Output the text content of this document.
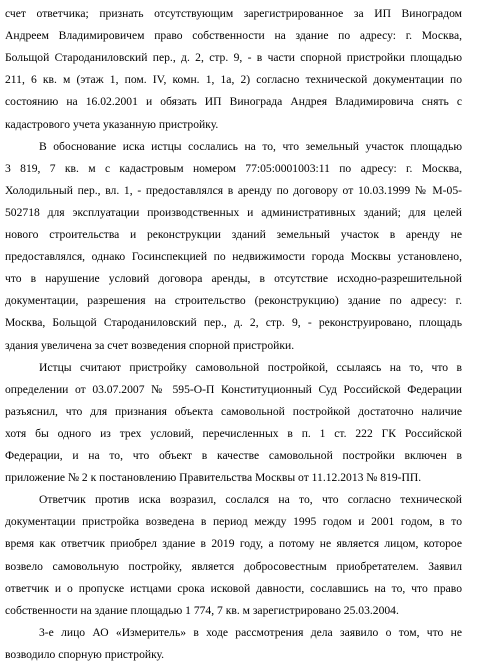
счет ответчика; признать отсутствующим зарегистрированное за ИП Виноградом
Андреем Владимировичем право собственности на здание по адресу: г. Москва,
Больщой Староданиловский пер., д. 2, стр. 9, - в части спорной пристройки площадью
211, 6 кв. м (этаж 1, пом. IV, комн. 1, 1а, 2) согласно технической документации по
состоянию на 16.02.2001 и обязать ИП Винограда Андрея Владимировича снять с
кадастрового учета указанную пристройку.
В обоснование иска истцы сослались на то, что земельный участок площадью
3 819, 7 кв. м с кадастровым номером 77:05:0001003:11 по адресу: г. Москва,
Холодильный пер., вл. 1, - предоставлялся в аренду по договору от 10.03.1999 № М-05-
502718 для эксплуатации производственных и административных зданий; для целей
нового строительства и реконструкции зданий земельный участок в аренду не
предоставлялся, однако Госинспекцией по недвижимости города Москвы установлено,
что в нарушение условий договора аренды, в отсутствие исходно-разрешительной
документации, разрешения на строительство (реконструкцию) здание по адресу: г.
Москва, Больщой Староданиловский пер., д. 2, стр. 9, - реконструировано, площадь
здания увеличена за счет возведения спорной пристройки.
Истцы считают пристройку самовольной постройкой, ссылаясь на то, что в
определении от 03.07.2007 № 595-О-П Конституционный Суд Российской Федерации
разъяснил, что для признания объекта самовольной постройкой достаточно наличие
хотя бы одного из трех условий, перечисленных в п. 1 ст. 222 ГК Российской
Федерации, и на то, что объект в качестве самовольной постройки включен в
приложение № 2 к постановлению Правительства Москвы от 11.12.2013 № 819-ПП.
Ответчик против иска возразил, сослался на то, что согласно технической
документации пристройка возведена в период между 1995 годом и 2001 годом, в то
время как ответчик приобрел здание в 2019 году, а потому не является лицом, которое
возвело самовольную постройку, является добросовестным приобретателем. Заявил
ответчик и о пропуске истцами срока исковой давности, сославшись на то, что право
собственности на здание площадью 1 774, 7 кв. м зарегистрировано 25.03.2004.
3-е лицо АО «Измеритель» в ходе рассмотрения дела заявило о том, что не
возводило спорную пристройку.
